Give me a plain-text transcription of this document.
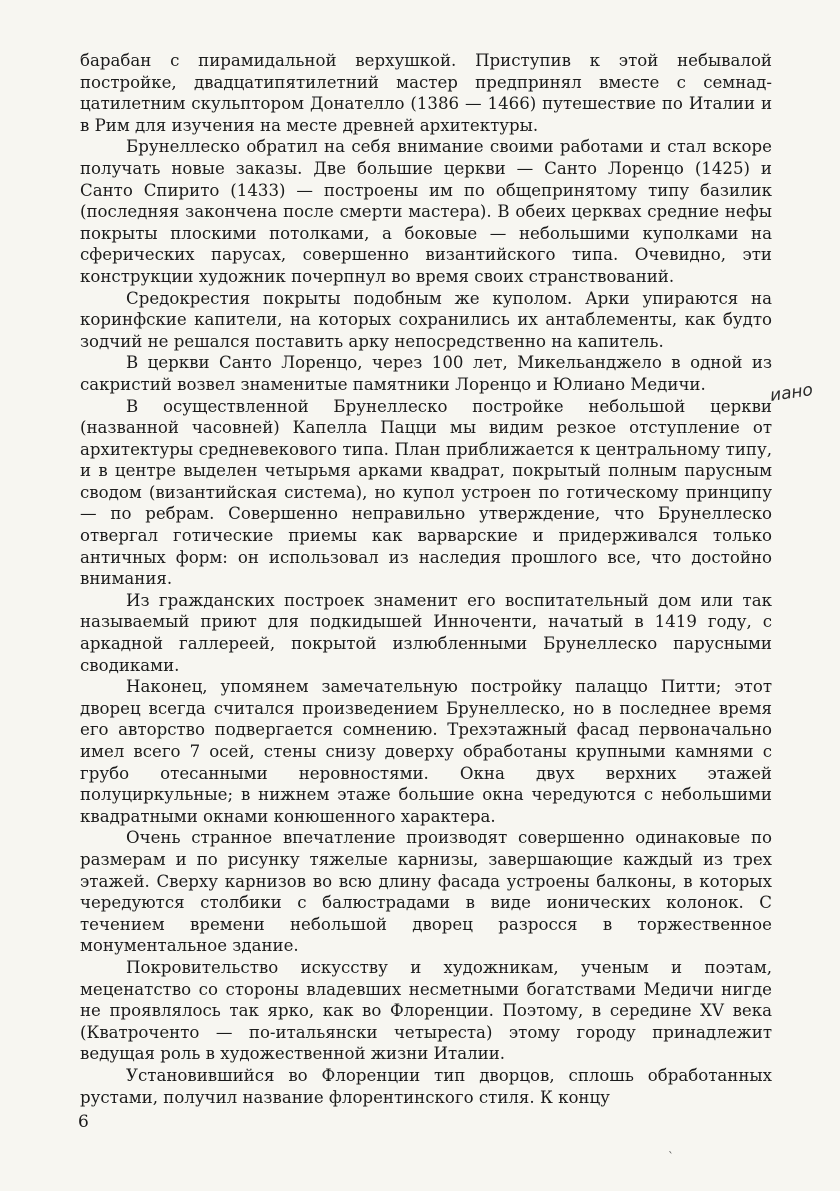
барабан с пирамидальной верхушкой. Приступив к этой небывалой постройке, двадцатипятилетний мастер предпринял вместе с семнадцатилетним скульптором Донателло (1386 — 1466) путешествие по Италии и в Рим для изучения на месте древней архитектуры.

Брунеллеско обратил на себя внимание своими работами и стал вскоре получать новые заказы. Две большие церкви — Санто Лоренцо (1425) и Санто Спирито (1433) — построены им по общепринятому типу базилик (последняя закончена после смерти мастера). В обеих церквах средние нефы покрыты плоскими потолками, а боковые — небольшими куполками на сферических парусах, совершенно византийского типа. Очевидно, эти конструкции художник почерпнул во время своих странствований.

Средокрестия покрыты подобным же куполом. Арки упираются на коринфские капители, на которых сохранились их антаблементы, как будто зодчий не решался поставить арку непосредственно на капитель.

В церкви Санто Лоренцо, через 100 лет, Микельанджело в одной из сакристий возвел знаменитые памятники Лоренцо и Юлиано Медичи.

В осуществленной Брунеллеско постройке небольшой церкви (названной часовней) Капелла Пацци мы видим резкое отступление от архитектуры средневекового типа. План приближается к центральному типу, и в центре выделен четырьмя арками квадрат, покрытый полным парусным сводом (византийская система), но купол устроен по готическому принципу — по ребрам. Совершенно неправильно утверждение, что Брунеллеско отвергал готические приемы как варварские и придерживался только античных форм: он использовал из наследия прошлого все, что достойно внимания.

Из гражданских построек знаменит его воспитательный дом или так называемый приют для подкидышей Инноченти, начатый в 1419 году, с аркадной галлереей, покрытой излюбленными Брунеллеско парусными сводиками.

Наконец, упомянем замечательную постройку палаццо Питти; этот дворец всегда считался произведением Брунеллеско, но в последнее время его авторство подвергается сомнению. Трехэтажный фасад первоначально имел всего 7 осей, стены снизу доверху обработаны крупными камнями с грубо отесанными неровностями. Окна двух верхних этажей полуциркульные; в нижнем этаже большие окна чередуются с небольшими квадратными окнами конюшенного характера.

Очень странное впечатление производят совершенно одинаковые по размерам и по рисунку тяжелые карнизы, завершающие каждый из трех этажей. Сверху карнизов во всю длину фасада устроены балконы, в которых чередуются столбики с балюстрадами в виде ионических колонок. С течением времени небольшой дворец разросся в торжественное монументальное здание.

Покровительство искусству и художникам, ученым и поэтам, меценатство со стороны владевших несметными богатствами Медичи нигде не проявлялось так ярко, как во Флоренции. Поэтому, в середине XV века (Кватроченто — по-итальянски четыреста) этому городу принадлежит ведущая роль в художественной жизни Италии.

Установившийся во Флоренции тип дворцов, сплошь обработанных рустами, получил название флорентинского стиля. К концу

иано
6
`
